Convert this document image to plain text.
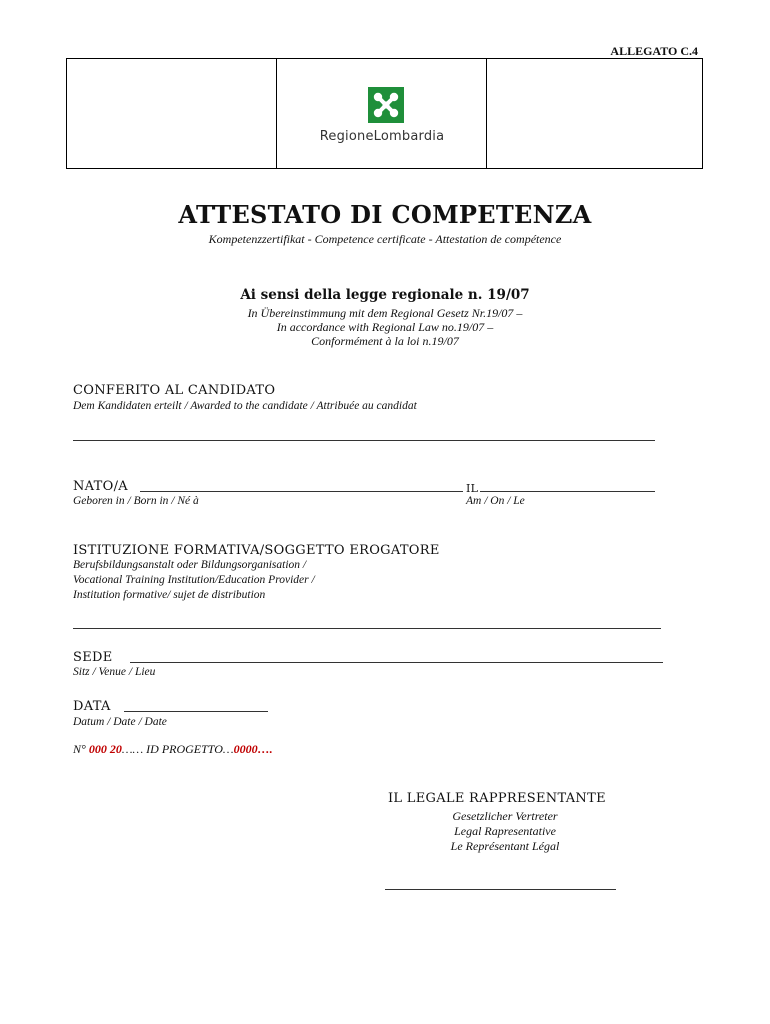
ALLEGATO C.4
RegioneLombardia
ATTESTATO DI COMPETENZA
Kompetenzzertifikat - Competence certificate - Attestation de compétence
Ai sensi della legge regionale n. 19/07
In Übereinstimmung mit dem Regional Gesetz Nr.19/07 –
In accordance with Regional Law no.19/07 –
Conformément à la loi n.19/07
CONFERITO AL CANDIDATO
Dem Kandidaten erteilt / Awarded to the candidate / Attribuée au candidat
NATO/A	IL
Geboren in / Born in / Né à	Am / On / Le
ISTITUZIONE FORMATIVA/SOGGETTO EROGATORE
Berufsbildungsanstalt oder Bildungsorganisation /
Vocational Training Institution/Education Provider /
Institution formative/ sujet de distribution
SEDE
Sitz / Venue / Lieu
DATA
Datum / Date / Date
N° 000 20…… ID PROGETTO…0000….
IL LEGALE RAPPRESENTANTE
Gesetzlicher Vertreter
Legal Rapresentative
Le Représentant Légal
